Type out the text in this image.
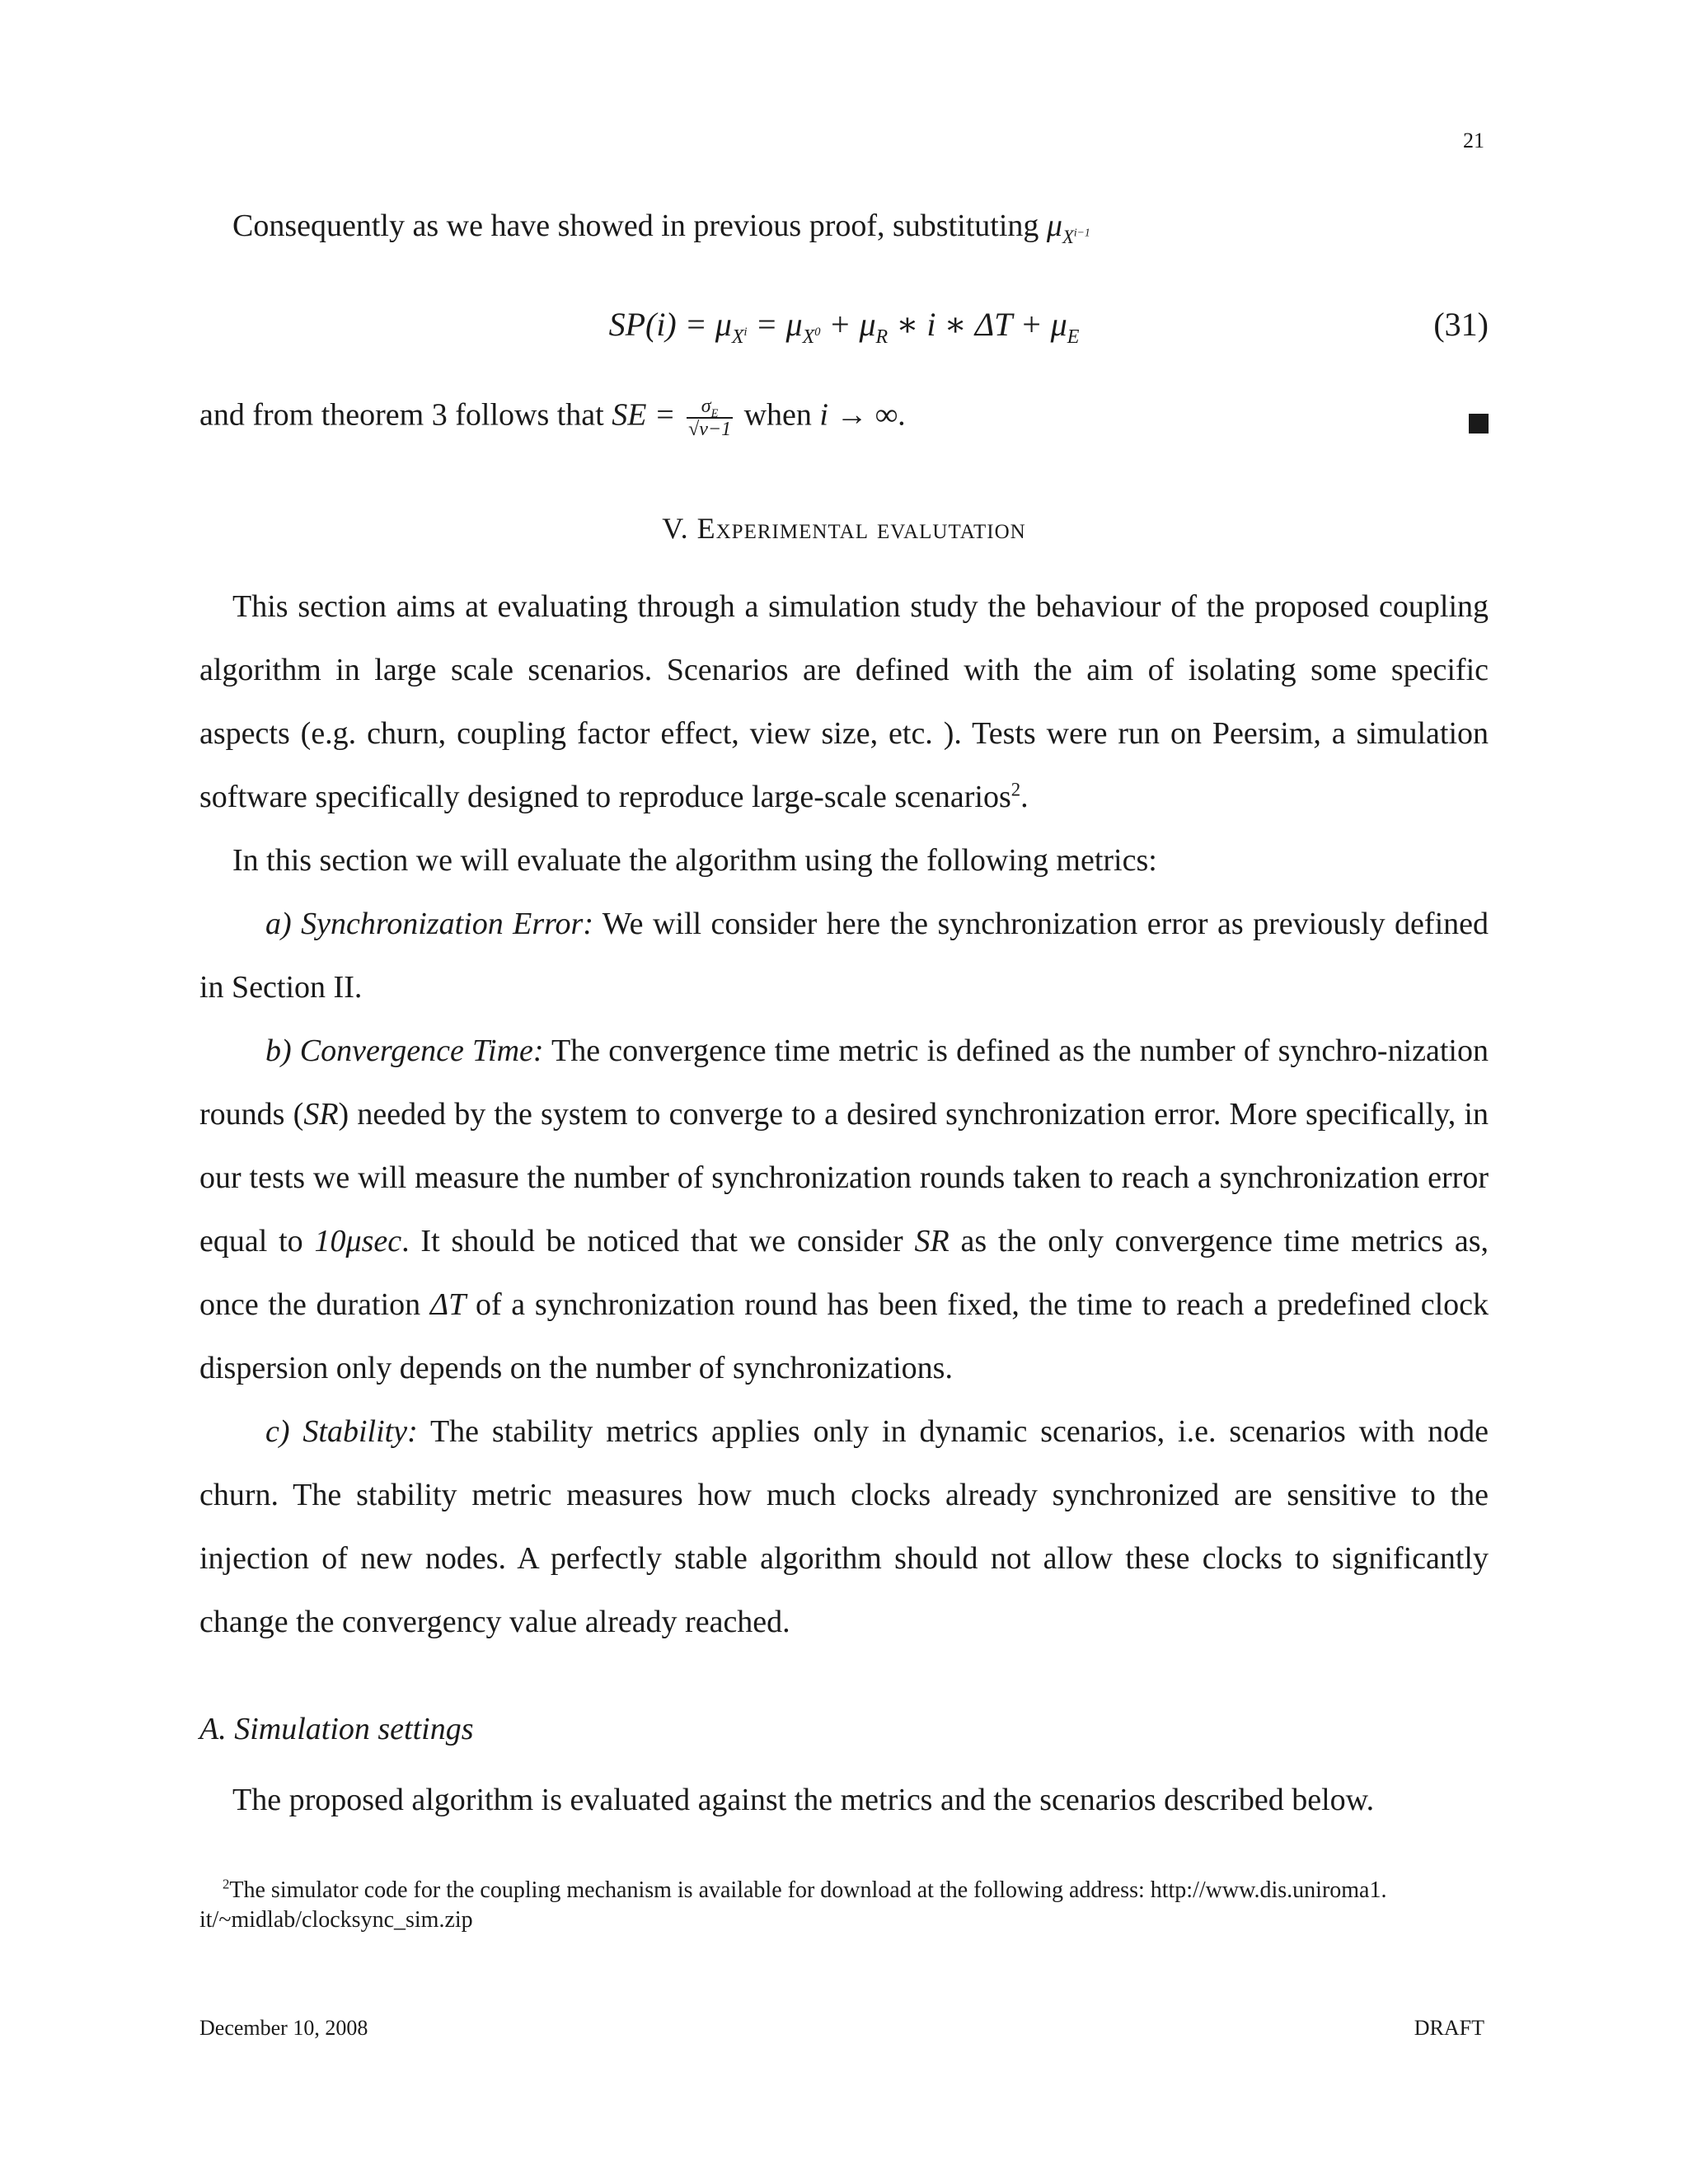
21

Consequently as we have showed in previous proof, substituting $\mu_{X^{i-1}}$

$SP(i) = \mu_{X^i} = \mu_{X^0} + \mu_R$ ∗ i ∗ $\Delta T + \mu_E$	(31)
and from theorem 3 follows that SE = $\frac{\sigma_E}{√v-1}$ when i → ∞.
V. Experimental evalutation

This section aims at evaluating through a simulation study the behaviour of the proposed coupling algorithm in large scale scenarios. Scenarios are defined with the aim of isolating some specific aspects (e.g. churn, coupling factor effect, view size, etc. ). Tests were run on Peersim, a simulation software specifically designed to reproduce large-scale scenarios$^2$.

In this section we will evaluate the algorithm using the following metrics:

a) Synchronization Error: We will consider here the synchronization error as previously defined in Section II.

b) Convergence Time: The convergence time metric is defined as the number of synchro-nization rounds (SR) needed by the system to converge to a desired synchronization error. More specifically, in our tests we will measure the number of synchronization rounds taken to reach a synchronization error equal to 10μsec. It should be noticed that we consider SR as the only convergence time metrics as, once the duration ΔT of a synchronization round has been fixed, the time to reach a predefined clock dispersion only depends on the number of synchronizations.

c) Stability: The stability metrics applies only in dynamic scenarios, i.e. scenarios with node churn. The stability metric measures how much clocks already synchronized are sensitive to the injection of new nodes. A perfectly stable algorithm should not allow these clocks to significantly change the convergency value already reached.

A. Simulation settings

The proposed algorithm is evaluated against the metrics and the scenarios described below.

$^2$The simulator code for the coupling mechanism is available for download at the following address: http://www.dis.uniroma1. it/~midlab/clocksync_sim.zip
December 10, 2008	DRAFT
